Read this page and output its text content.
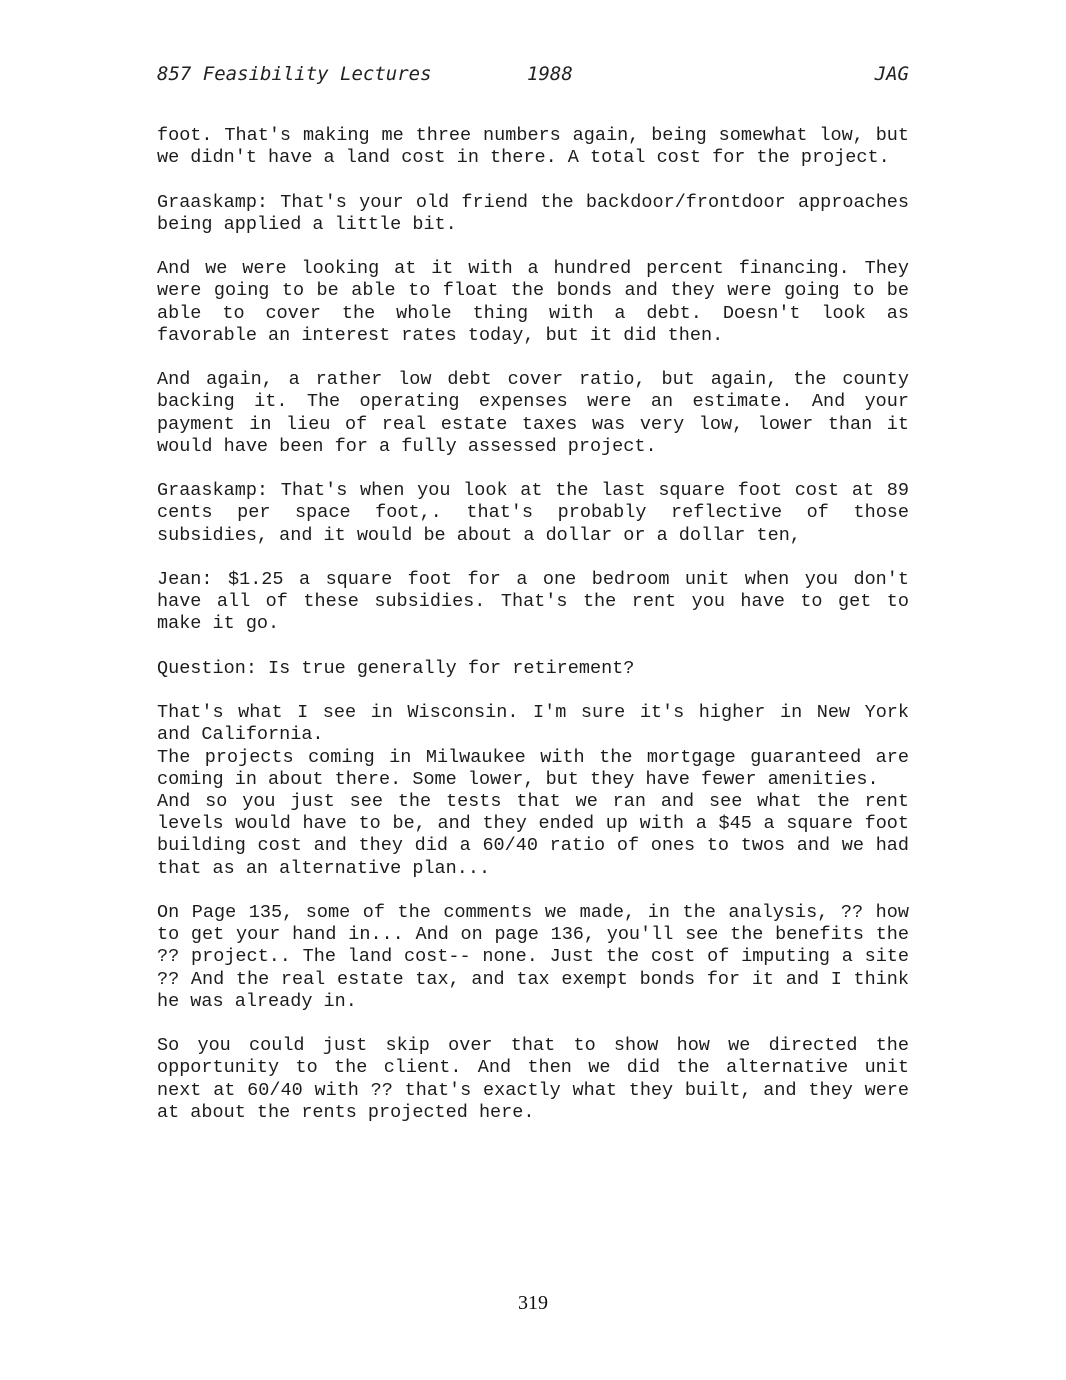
857 Feasibility Lectures	1988	JAG

foot. That's making me three numbers again, being somewhat low, but we didn't have a land cost in there. A total cost for the project.

Graaskamp: That's your old friend the backdoor/frontdoor approaches being applied a little bit.

And we were looking at it with a hundred percent financing. They were going to be able to float the bonds and they were going to be able to cover the whole thing with a debt. Doesn't look as favorable an interest rates today, but it did then.

And again, a rather low debt cover ratio, but again, the county backing it. The operating expenses were an estimate. And your payment in lieu of real estate taxes was very low, lower than it would have been for a fully assessed project.

Graaskamp: That's when you look at the last square foot cost at 89 cents per space foot,. that's probably reflective of those subsidies, and it would be about a dollar or a dollar ten,

Jean: $1.25 a square foot for a one bedroom unit when you don't have all of these subsidies. That's the rent you have to get to make it go.

Question: Is true generally for retirement?

That's what I see in Wisconsin. I'm sure it's higher in New York and California.

The projects coming in Milwaukee with the mortgage guaranteed are coming in about there. Some lower, but they have fewer amenities.

And so you just see the tests that we ran and see what the rent levels would have to be, and they ended up with a $45 a square foot building cost and they did a 60/40 ratio of ones to twos and we had that as an alternative plan...

On Page 135, some of the comments we made, in the analysis, ?? how to get your hand in... And on page 136, you'll see the benefits the ?? project.. The land cost-- none. Just the cost of imputing a site ?? And the real estate tax, and tax exempt bonds for it and I think he was already in.

So you could just skip over that to show how we directed the opportunity to the client. And then we did the alternative unit next at 60/40 with ?? that's exactly what they built, and they were at about the rents projected here.

319
